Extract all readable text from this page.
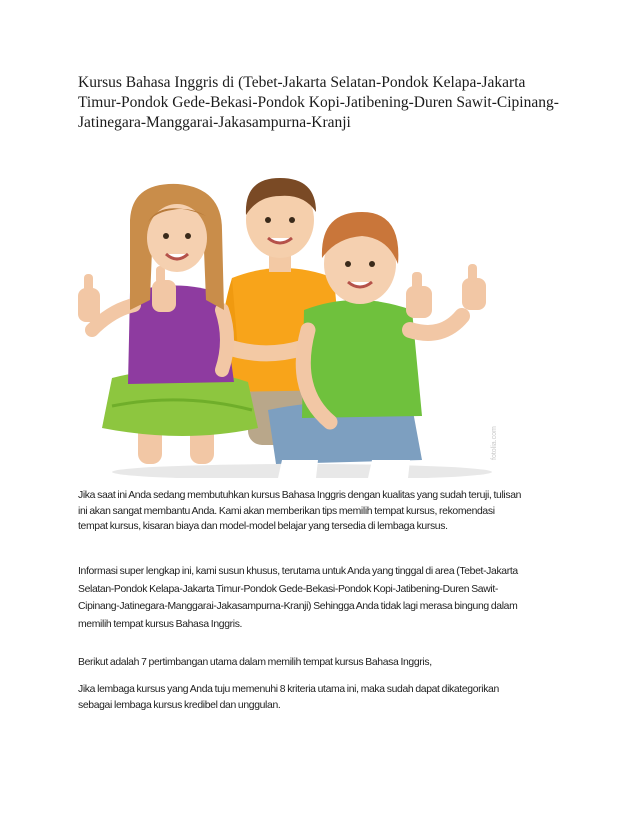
Kursus Bahasa Inggris di (Tebet-Jakarta Selatan-Pondok Kelapa-Jakarta
Timur-Pondok Gede-Bekasi-Pondok Kopi-Jatibening-Duren Sawit-Cipinang-
Jatinegara-Manggarai-Jakasampurna-Kranji
fotolia.com

Jika saat ini Anda sedang membutuhkan kursus Bahasa Inggris dengan kualitas yang sudah teruji, tulisan
ini akan sangat membantu Anda. Kami akan memberikan tips memilih tempat kursus, rekomendasi
tempat kursus, kisaran biaya dan model-model belajar yang tersedia di lembaga kursus.

Informasi super lengkap ini, kami susun khusus, terutama untuk Anda yang tinggal di area (Tebet-Jakarta
Selatan-Pondok Kelapa-Jakarta Timur-Pondok Gede-Bekasi-Pondok Kopi-Jatibening-Duren Sawit-
Cipinang-Jatinegara-Manggarai-Jakasampurna-Kranji) Sehingga Anda tidak lagi merasa bingung dalam
memilih tempat kursus Bahasa Inggris.

Berikut adalah 7 pertimbangan utama dalam memilih tempat kursus Bahasa Inggris,

Jika lembaga kursus yang Anda tuju memenuhi 8 kriteria utama ini, maka sudah dapat dikategorikan
sebagai lembaga kursus kredibel dan unggulan.
